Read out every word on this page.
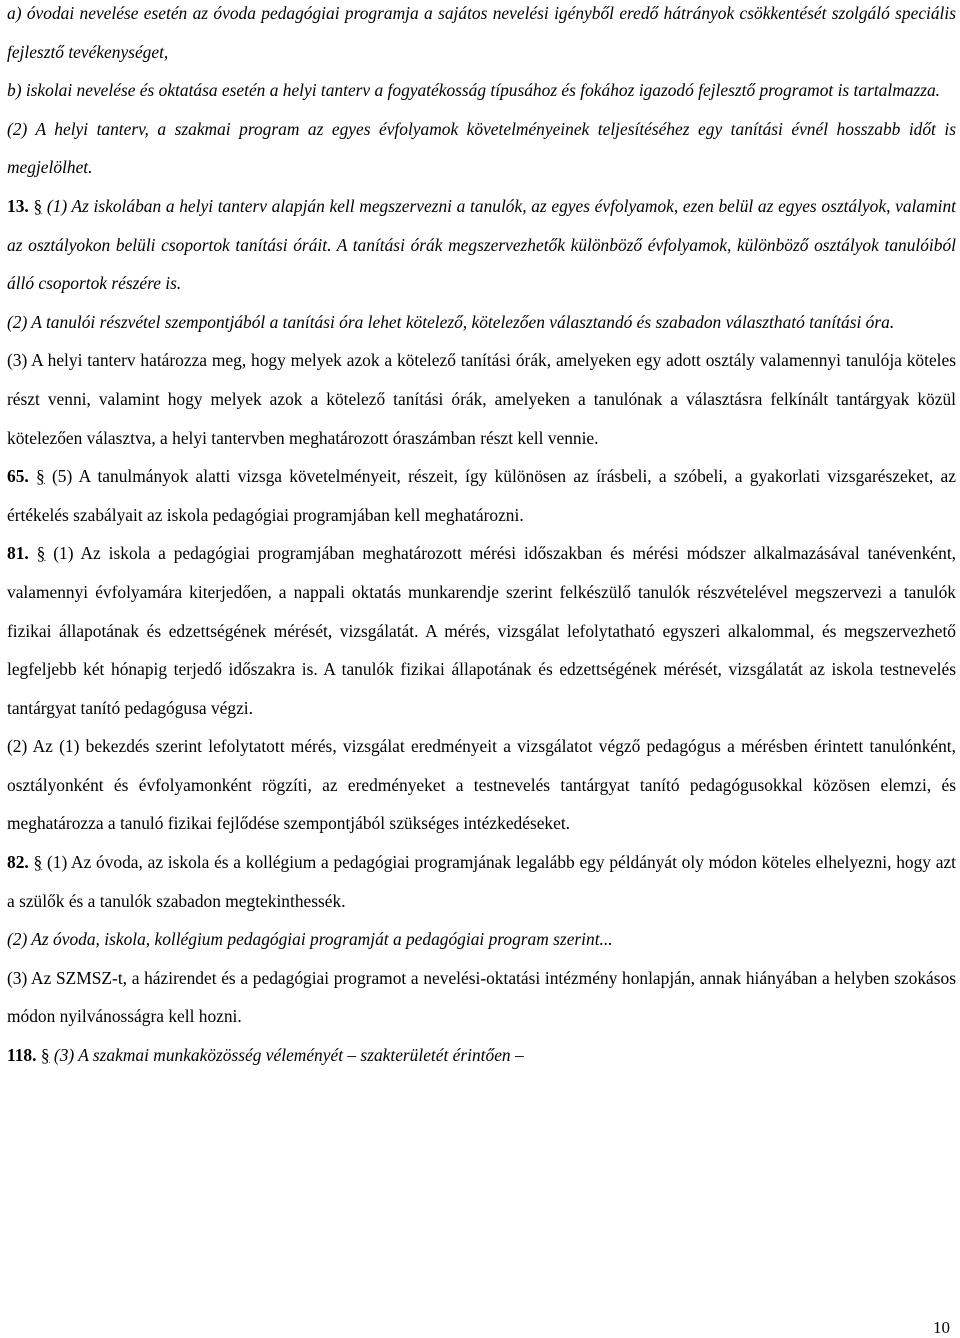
a) óvodai nevelése esetén az óvoda pedagógiai programja a sajátos nevelési igényből eredő hátrányok csökkentését szolgáló speciális fejlesztő tevékenységet,

b) iskolai nevelése és oktatása esetén a helyi tanterv a fogyatékosság típusához és fokához igazodó fejlesztő programot is tartalmazza.

(2) A helyi tanterv, a szakmai program az egyes évfolyamok követelményeinek teljesítéséhez egy tanítási évnél hosszabb időt is megjelölhet.

13. § (1) Az iskolában a helyi tanterv alapján kell megszervezni a tanulók, az egyes évfolyamok, ezen belül az egyes osztályok, valamint az osztályokon belüli csoportok tanítási óráit. A tanítási órák megszervezhetők különböző évfolyamok, különböző osztályok tanulóiból álló csoportok részére is.

(2) A tanulói részvétel szempontjából a tanítási óra lehet kötelező, kötelezően választandó és szabadon választható tanítási óra.

(3) A helyi tanterv határozza meg, hogy melyek azok a kötelező tanítási órák, amelyeken egy adott osztály valamennyi tanulója köteles részt venni, valamint hogy melyek azok a kötelező tanítási órák, amelyeken a tanulónak a választásra felkínált tantárgyak közül kötelezően választva, a helyi tantervben meghatározott óraszámban részt kell vennie.

65. § (5) A tanulmányok alatti vizsga követelményeit, részeit, így különösen az írásbeli, a szóbeli, a gyakorlati vizsgarészeket, az értékelés szabályait az iskola pedagógiai programjában kell meghatározni.

81. § (1) Az iskola a pedagógiai programjában meghatározott mérési időszakban és mérési módszer alkalmazásával tanévenként, valamennyi évfolyamára kiterjedően, a nappali oktatás munkarendje szerint felkészülő tanulók részvételével megszervezi a tanulók fizikai állapotának és edzettségének mérését, vizsgálatát. A mérés, vizsgálat lefolytatható egyszeri alkalommal, és megszervezhető legfeljebb két hónapig terjedő időszakra is. A tanulók fizikai állapotának és edzettségének mérését, vizsgálatát az iskola testnevelés tantárgyat tanító pedagógusa végzi.

(2) Az (1) bekezdés szerint lefolytatott mérés, vizsgálat eredményeit a vizsgálatot végző pedagógus a mérésben érintett tanulónként, osztályonként és évfolyamonként rögzíti, az eredményeket a testnevelés tantárgyat tanító pedagógusokkal közösen elemzi, és meghatározza a tanuló fizikai fejlődése szempontjából szükséges intézkedéseket.

82. § (1) Az óvoda, az iskola és a kollégium a pedagógiai programjának legalább egy példányát oly módon köteles elhelyezni, hogy azt a szülők és a tanulók szabadon megtekinthessék.

(2) Az óvoda, iskola, kollégium pedagógiai programját a pedagógiai program szerint...

(3) Az SZMSZ-t, a házirendet és a pedagógiai programot a nevelési-oktatási intézmény honlapján, annak hiányában a helyben szokásos módon nyilvánosságra kell hozni.

118. § (3) A szakmai munkaközösség véleményét – szakterületét érintően –

10
